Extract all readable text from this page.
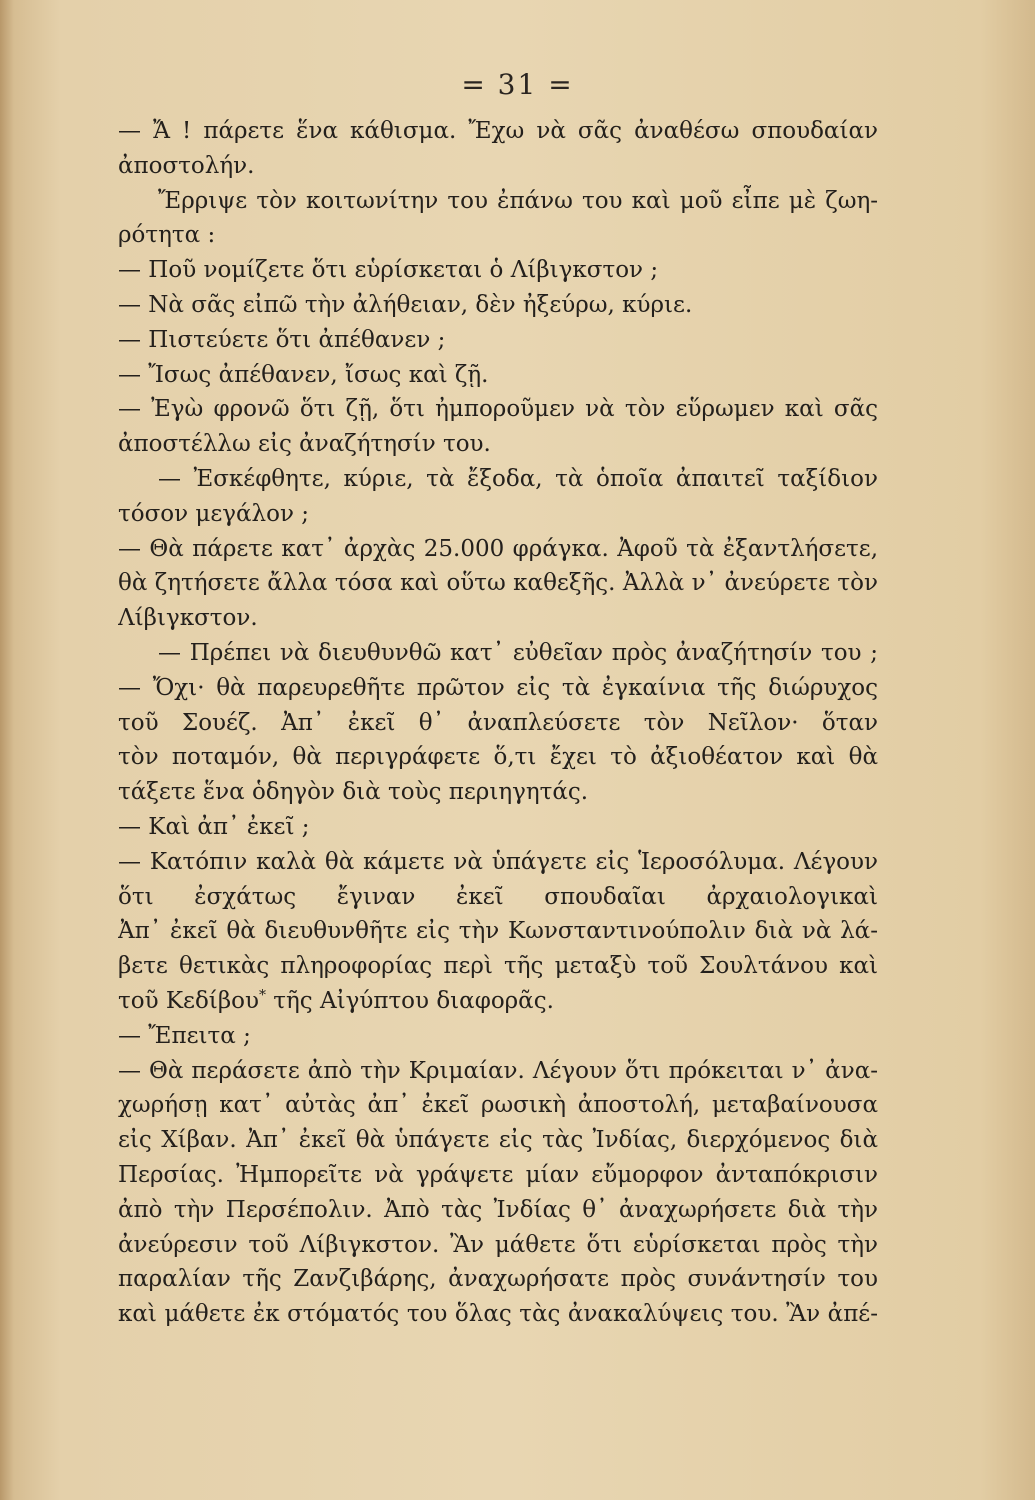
= 31 =
— Ἄ ! πάρετε ἕνα κάθισμα. Ἔχω νὰ σᾶς ἀναθέσω σπουδαίαν
ἀποστολήν.
Ἔρριψε τὸν κοιτωνίτην του ἐπάνω του καὶ μοῦ εἶπε μὲ ζωη-
ρότητα :
— Ποῦ νομίζετε ὅτι εὑρίσκεται ὁ Λίβιγκστον ;
— Νὰ σᾶς εἰπῶ τὴν ἀλήθειαν, δὲν ἠξεύρω, κύριε.
— Πιστεύετε ὅτι ἀπέθανεν ;
— Ἴσως ἀπέθανεν, ἴσως καὶ ζῇ.
— Ἐγὼ φρονῶ ὅτι ζῇ, ὅτι ἠμποροῦμεν νὰ τὸν εὕρωμεν καὶ σᾶς
ἀποστέλλω εἰς ἀναζήτησίν του.
— Ἐσκέφθητε, κύριε, τὰ ἔξοδα, τὰ ὁποῖα ἀπαιτεῖ ταξίδιον
τόσον μεγάλον ;
— Θὰ πάρετε κατ᾿ ἀρχὰς 25.000 φράγκα. Ἀφοῦ τὰ ἐξαντλήσετε,
θὰ ζητήσετε ἄλλα τόσα καὶ οὕτω καθεξῆς. Ἀλλὰ ν᾿ ἀνεύρετε τὸν
Λίβιγκστον.
— Πρέπει νὰ διευθυνθῶ κατ᾿ εὐθεῖαν πρὸς ἀναζήτησίν του ;
— Ὄχι· θὰ παρευρεθῆτε πρῶτον εἰς τὰ ἐγκαίνια τῆς διώρυχος
τοῦ Σουέζ. Ἀπ᾿ ἐκεῖ θ᾿ ἀναπλεύσετε τὸν Νεῖλον· ὅταν
τὸν ποταμόν, θὰ περιγράφετε ὅ,τι ἔχει τὸ ἀξιοθέατον καὶ θὰ
τάξετε ἕνα ὁδηγὸν διὰ τοὺς περιηγητάς.
— Καὶ ἀπ᾿ ἐκεῖ ;
— Κατόπιν καλὰ θὰ κάμετε νὰ ὑπάγετε εἰς Ἱεροσόλυμα. Λέγουν
ὅτι ἐσχάτως ἔγιναν ἐκεῖ σπουδαῖαι ἀρχαιολογικαὶ
Ἀπ᾿ ἐκεῖ θὰ διευθυνθῆτε εἰς τὴν Κωνσταντινούπολιν διὰ νὰ λά-
βετε θετικὰς πληροφορίας περὶ τῆς μεταξὺ τοῦ Σουλτάνου καὶ
τοῦ Κεδίβου* τῆς Αἰγύπτου διαφορᾶς.
— Ἔπειτα ;
— Θὰ περάσετε ἀπὸ τὴν Κριμαίαν. Λέγουν ὅτι πρόκειται ν᾿ ἀνα-
χωρήσῃ κατ᾿ αὐτὰς ἀπ᾿ ἐκεῖ ρωσικὴ ἀποστολή, μεταβαίνουσα
εἰς Χίβαν. Ἀπ᾿ ἐκεῖ θὰ ὑπάγετε εἰς τὰς Ἰνδίας, διερχόμενος διὰ
Περσίας. Ἠμπορεῖτε νὰ γράψετε μίαν εὔμορφον ἀνταπόκρισιν
ἀπὸ τὴν Περσέπολιν. Ἀπὸ τὰς Ἰνδίας θ᾿ ἀναχωρήσετε διὰ τὴν
ἀνεύρεσιν τοῦ Λίβιγκστον. Ἂν μάθετε ὅτι εὑρίσκεται πρὸς τὴν
παραλίαν τῆς Ζανζιβάρης, ἀναχωρήσατε πρὸς συνάντησίν του
καὶ μάθετε ἐκ στόματός του ὅλας τὰς ἀνακαλύψεις του. Ἂν ἀπέ-
